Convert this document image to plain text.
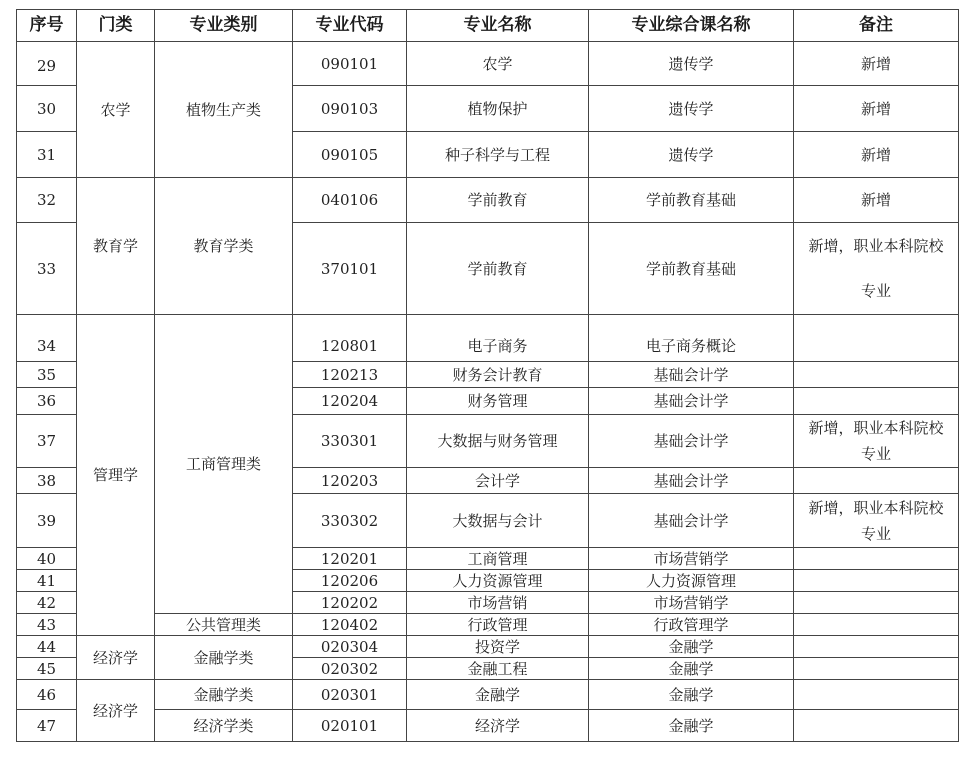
序号	门类	专业类别	专业代码	专业名称	专业综合课名称	备注
29	农学	植物生产类	090101	农学	遗传学	新增
30			090103	植物保护	遗传学	新增
31			090105	种子科学与工程	遗传学	新增
32	教育学	教育学类	040106	学前教育	学前教育基础	新增
33			370101	学前教育	学前教育基础	新增，职业本科院校专业
34	管理学	工商管理类	120801	电子商务	电子商务概论	
35			120213	财务会计教育	基础会计学	
36			120204	财务管理	基础会计学	
37			330301	大数据与财务管理	基础会计学	新增，职业本科院校专业
38			120203	会计学	基础会计学	
39			330302	大数据与会计	基础会计学	新增，职业本科院校专业
40			120201	工商管理	市场营销学	
41			120206	人力资源管理	人力资源管理	
42			120202	市场营销	市场营销学	
43		公共管理类	120402	行政管理	行政管理学	
44	经济学	金融学类	020304	投资学	金融学	
45			020302	金融工程	金融学	
46	经济学	金融学类	020301	金融学	金融学	
47		经济学类	020101	经济学	金融学	
